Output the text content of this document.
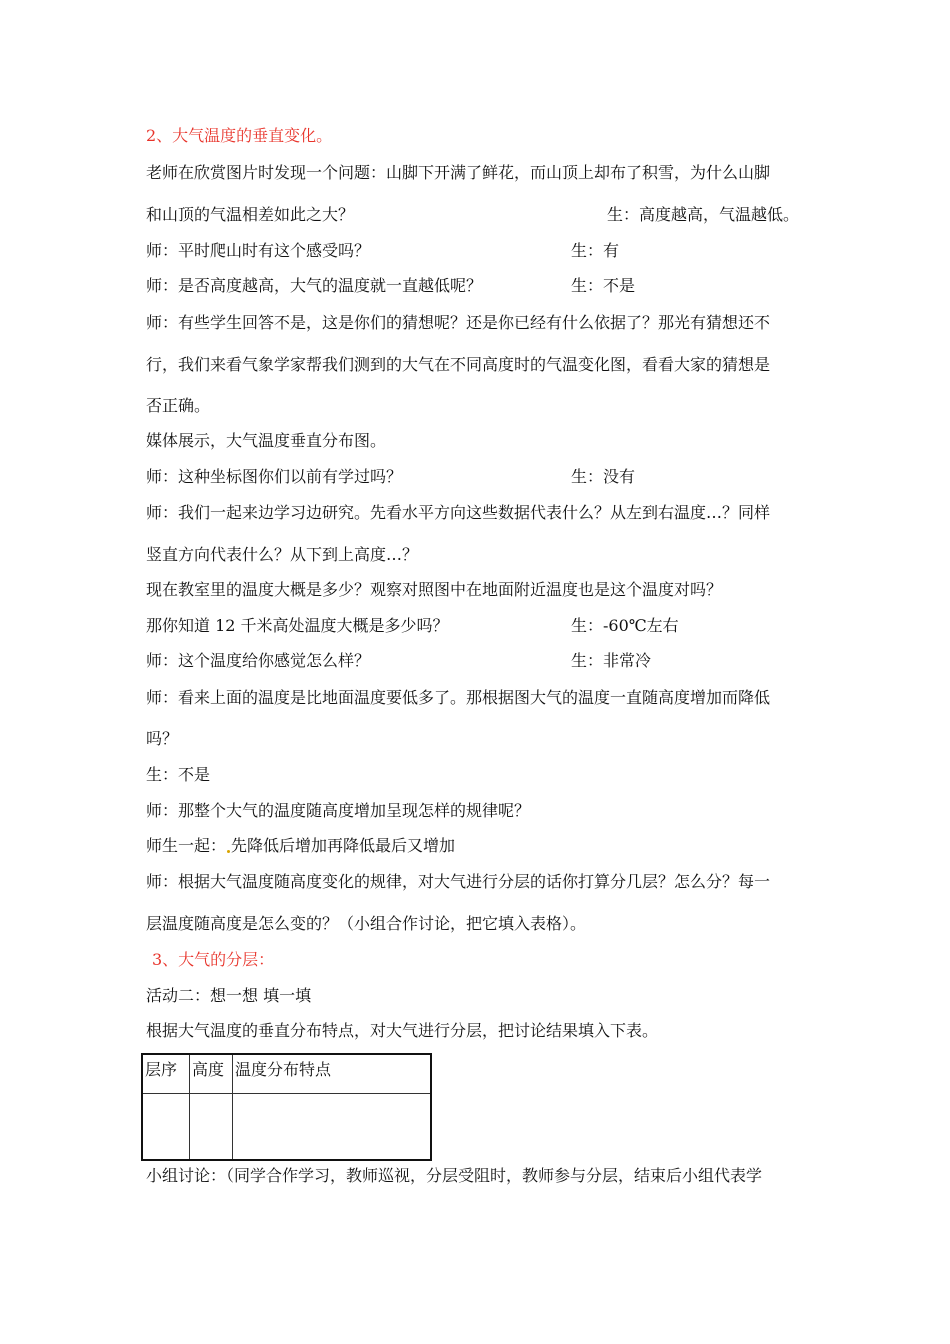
2、大气温度的垂直变化。
老师在欣赏图片时发现一个问题：山脚下开满了鲜花，而山顶上却布了积雪，为什么山脚
和山顶的气温相差如此之大？	生：高度越高，气温越低。
师：平时爬山时有这个感受吗？	生：有
师：是否高度越高，大气的温度就一直越低呢？	生：不是
师：有些学生回答不是，这是你们的猜想呢？还是你已经有什么依据了？那光有猜想还不
行，我们来看气象学家帮我们测到的大气在不同高度时的气温变化图，看看大家的猜想是
否正确。
媒体展示，大气温度垂直分布图。
师：这种坐标图你们以前有学过吗？	生：没有
师：我们一起来边学习边研究。先看水平方向这些数据代表什么？从左到右温度…？同样
竖直方向代表什么？从下到上高度…？
现在教室里的温度大概是多少？观察对照图中在地面附近温度也是这个温度对吗？
那你知道 12 千米高处温度大概是多少吗？	生：-60℃左右
师：这个温度给你感觉怎么样？	生：非常冷
师：看来上面的温度是比地面温度要低多了。那根据图大气的温度一直随高度增加而降低
吗？
生：不是
师：那整个大气的温度随高度增加呈现怎样的规律呢？
师生一起： 先降低后增加再降低最后又增加
师：根据大气温度随高度变化的规律，对大气进行分层的话你打算分几层？怎么分？每一
层温度随高度是怎么变的？（小组合作讨论，把它填入表格）。
3、大气的分层：
活动二：想一想 填一填
根据大气温度的垂直分布特点，对大气进行分层，把讨论结果填入下表。
层序	高度	温度分布特点

小组讨论：（同学合作学习，教师巡视，分层受阻时，教师参与分层，结束后小组代表学
